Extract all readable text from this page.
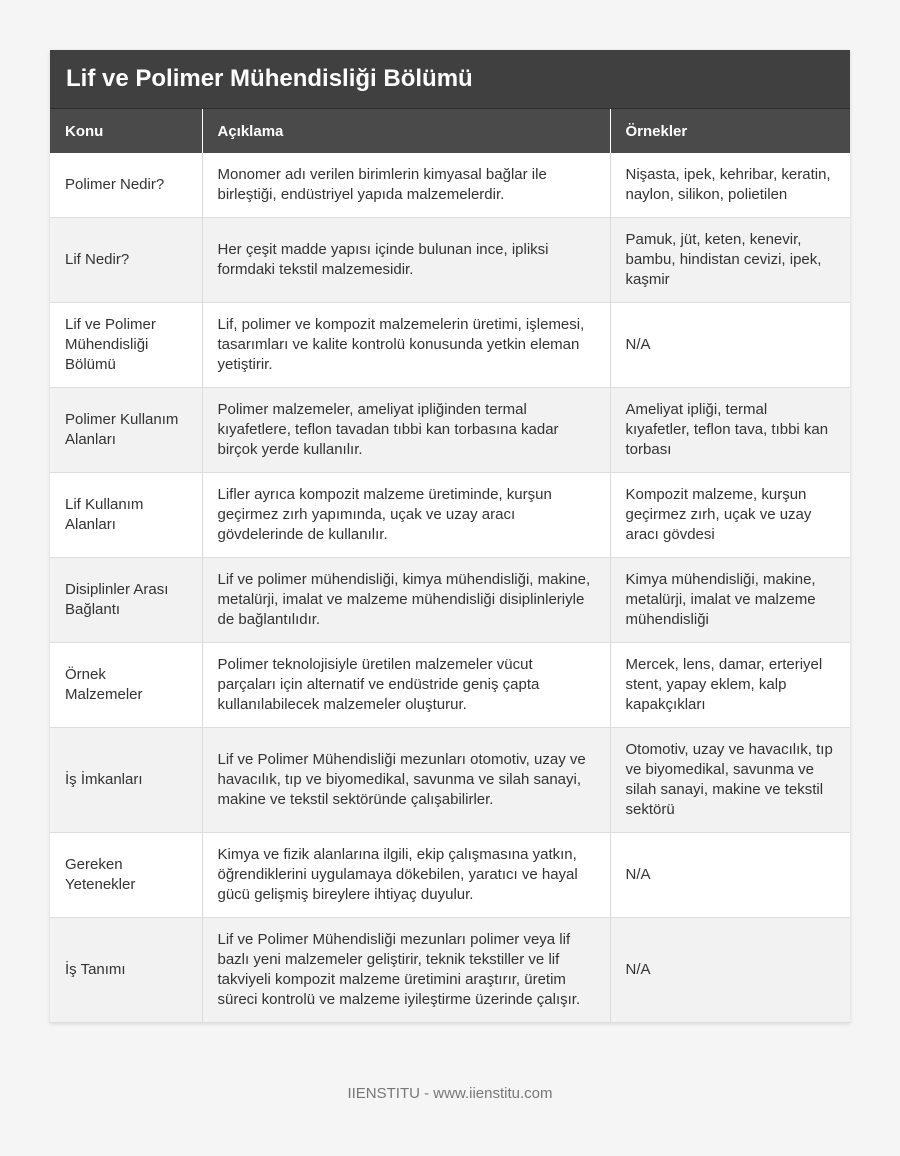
Lif ve Polimer Mühendisliği Bölümü
Konu	Açıklama	Örnekler
Polimer Nedir?	Monomer adı verilen birimlerin kimyasal bağlar ile birleştiği, endüstriyel yapıda malzemelerdir.	Nişasta, ipek, kehribar, keratin, naylon, silikon, polietilen
Lif Nedir?	Her çeşit madde yapısı içinde bulunan ince, ipliksi formdaki tekstil malzemesidir.	Pamuk, jüt, keten, kenevir, bambu, hindistan cevizi, ipek, kaşmir
Lif ve Polimer Mühendisliği Bölümü	Lif, polimer ve kompozit malzemelerin üretimi, işlemesi, tasarımları ve kalite kontrolü konusunda yetkin eleman yetiştirir.	N/A
Polimer Kullanım Alanları	Polimer malzemeler, ameliyat ipliğinden termal kıyafetlere, teflon tavadan tıbbi kan torbasına kadar birçok yerde kullanılır.	Ameliyat ipliği, termal kıyafetler, teflon tava, tıbbi kan torbası
Lif Kullanım Alanları	Lifler ayrıca kompozit malzeme üretiminde, kurşun geçirmez zırh yapımında, uçak ve uzay aracı gövdelerinde de kullanılır.	Kompozit malzeme, kurşun geçirmez zırh, uçak ve uzay aracı gövdesi
Disiplinler Arası Bağlantı	Lif ve polimer mühendisliği, kimya mühendisliği, makine, metalürji, imalat ve malzeme mühendisliği disiplinleriyle de bağlantılıdır.	Kimya mühendisliği, makine, metalürji, imalat ve malzeme mühendisliği
Örnek Malzemeler	Polimer teknolojisiyle üretilen malzemeler vücut parçaları için alternatif ve endüstride geniş çapta kullanılabilecek malzemeler oluşturur.	Mercek, lens, damar, erteriyel stent, yapay eklem, kalp kapakçıkları
İş İmkanları	Lif ve Polimer Mühendisliği mezunları otomotiv, uzay ve havacılık, tıp ve biyomedikal, savunma ve silah sanayi, makine ve tekstil sektöründe çalışabilirler.	Otomotiv, uzay ve havacılık, tıp ve biyomedikal, savunma ve silah sanayi, makine ve tekstil sektörü
Gereken Yetenekler	Kimya ve fizik alanlarına ilgili, ekip çalışmasına yatkın, öğrendiklerini uygulamaya dökebilen, yaratıcı ve hayal gücü gelişmiş bireylere ihtiyaç duyulur.	N/A
İş Tanımı	Lif ve Polimer Mühendisliği mezunları polimer veya lif bazlı yeni malzemeler geliştirir, teknik tekstiller ve lif takviyeli kompozit malzeme üretimini araştırır, üretim süreci kontrolü ve malzeme iyileştirme üzerinde çalışır.	N/A
IIENSTITU - www.iienstitu.com
